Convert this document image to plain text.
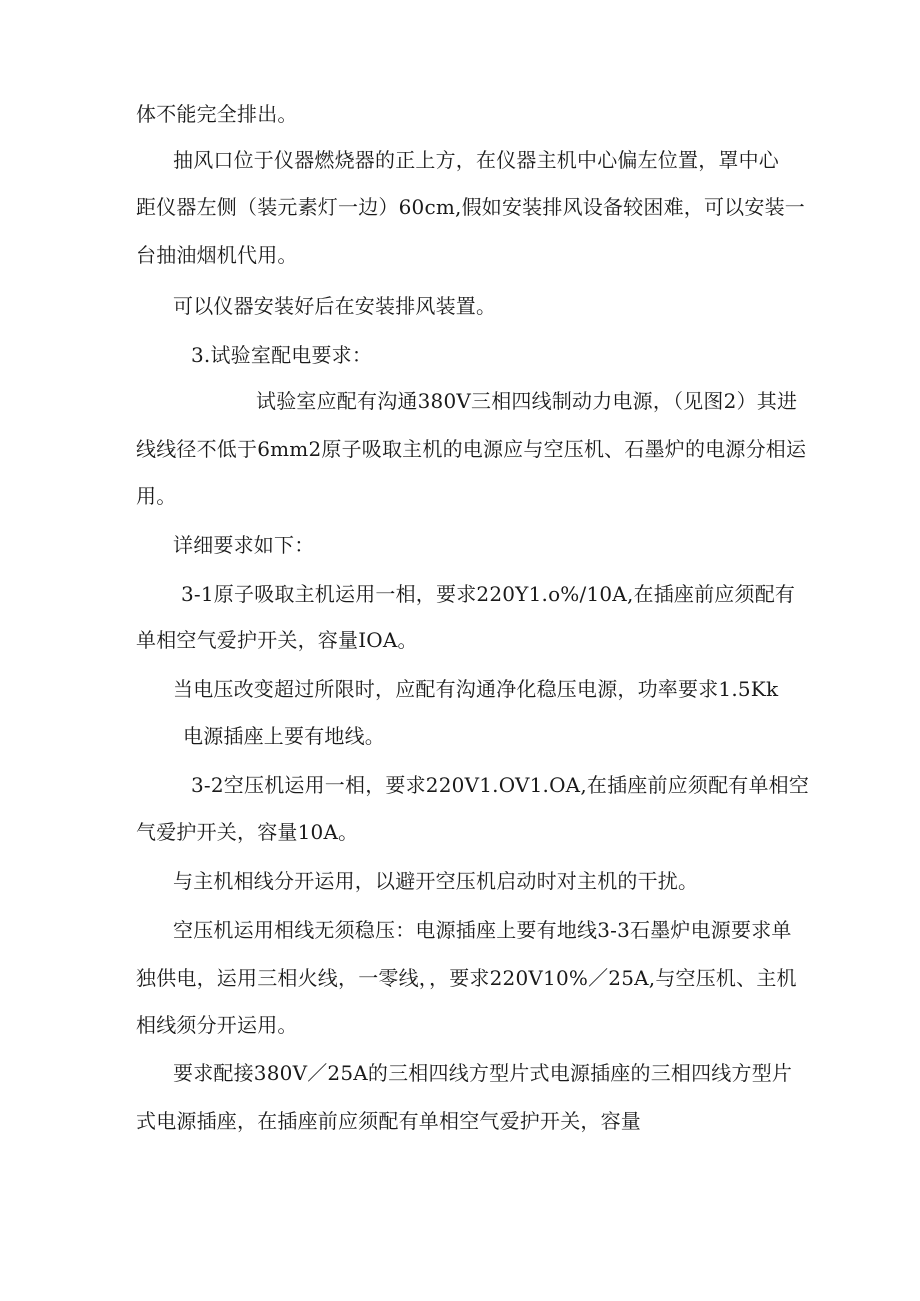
体不能完全排出。
抽风口位于仪器燃烧器的正上方，在仪器主机中心偏左位置，罩中心
距仪器左侧（装元素灯一边）60cm,假如安装排风设备较困难，可以安装一
台抽油烟机代用。
可以仪器安装好后在安装排风装置。
3.试验室配电要求：
试验室应配有沟通380V三相四线制动力电源，（见图2）其进
线线径不低于6mm2原子吸取主机的电源应与空压机、石墨炉的电源分相运
用。
详细要求如下：
3-1原子吸取主机运用一相，要求220Y1.o%/10A,在插座前应须配有
单相空气爱护开关，容量IOA。
当电压改变超过所限时，应配有沟通净化稳压电源，功率要求1.5Kk
电源插座上要有地线。
3-2空压机运用一相，要求220V1.OV1.OA,在插座前应须配有单相空
气爱护开关，容量10A。
与主机相线分开运用，以避开空压机启动时对主机的干扰。
空压机运用相线无须稳压：电源插座上要有地线3-3石墨炉电源要求单
独供电，运用三相火线，一零线，，要求220V10%／25A,与空压机、主机
相线须分开运用。
要求配接380V／25Α的三相四线方型片式电源插座的三相四线方型片
式电源插座，在插座前应须配有单相空气爱护开关，容量
